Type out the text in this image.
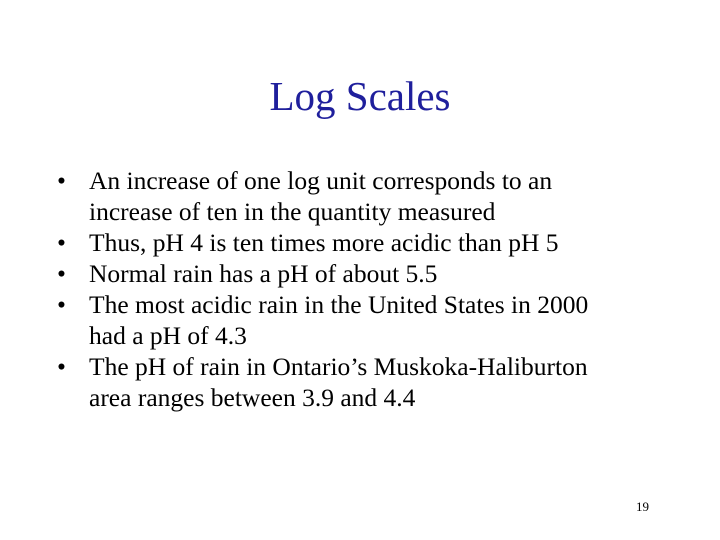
Log Scales
• An increase of one log unit corresponds to an
increase of ten in the quantity measured
• Thus, pH 4 is ten times more acidic than pH 5
• Normal rain has a pH of about 5.5
• The most acidic rain in the United States in 2000
had a pH of 4.3
• The pH of rain in Ontario’s Muskoka-Haliburton
area ranges between 3.9 and 4.4
19
